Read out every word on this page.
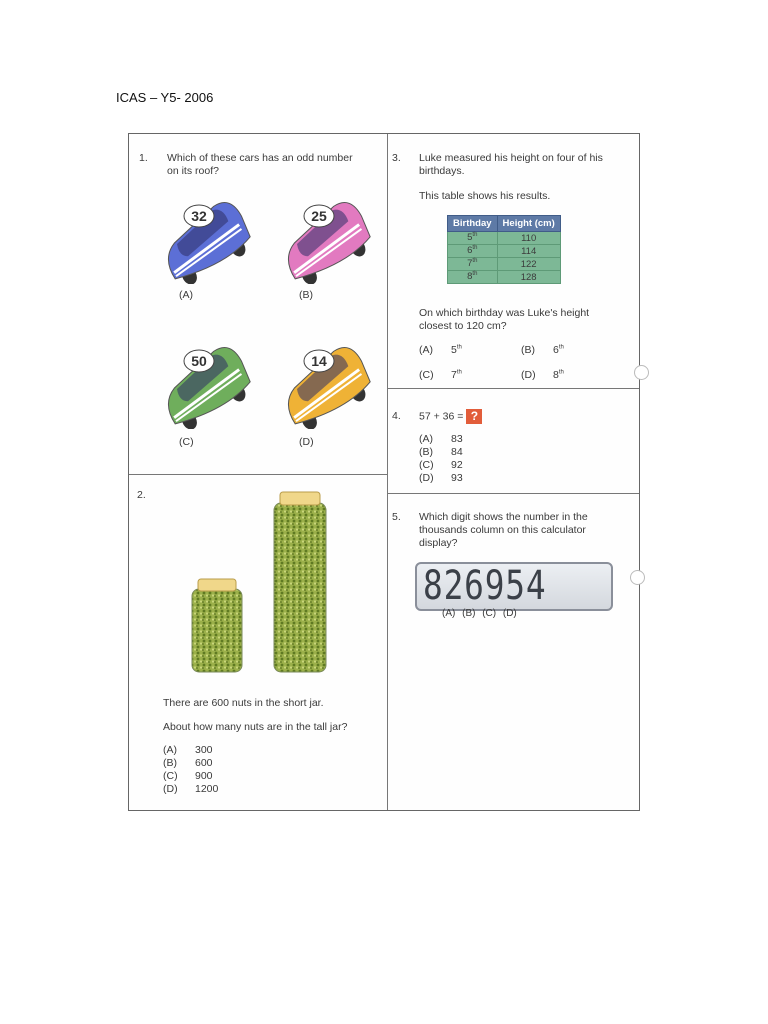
ICAS – Y5- 2006
1. Which of these cars has an odd number
on its roof?
32
(A)
25
(B)
50
(C)
14
(D)
2.
There are 600 nuts in the short jar.
About how many nuts are in the tall jar?
(A) 300
(B) 600
(C) 900
(D) 1200
3. Luke measured his height on four of his
birthdays.
This table shows his results.
Birthday	Height (cm)
5th	110
6th	114
7th	122
8th	128
On which birthday was Luke's height
closest to 120 cm?
(A) 5th	(B) 6th
(C) 7th	(D) 8th
4. 57 + 36 = ?
(A) 83
(B) 84
(C) 92
(D) 93
5. Which digit shows the number in the
thousands column on this calculator
display?
826954
(A) (B) (C) (D)
